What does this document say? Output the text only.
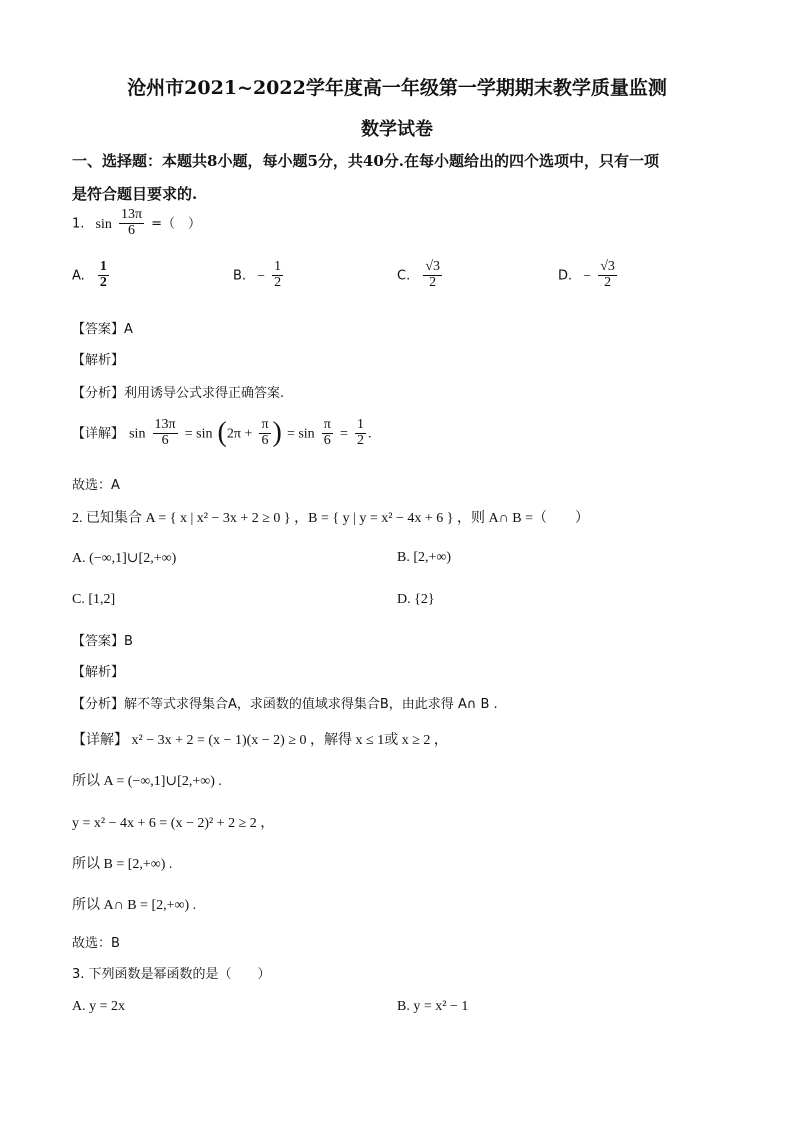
沧州市2021~2022学年度高一年级第一学期期末教学质量监测
数学试卷
一、选择题：本题共8小题，每小题5分，共40分.在每小题给出的四个选项中，只有一项
是符合题目要求的.
1. $\sin \frac{13\pi}{6}$ =（　）
A. $\frac{1}{2}$	B. − $\frac{1}{2}$	C. $\frac{√3}{2}$	D. − $\frac{√3}{2}$
【答案】A
【解析】
【分析】利用诱导公式求得正确答案.
【详解】 $\sin \frac{13\pi}{6} = \sin (2\pi + \frac{\pi}{6}$ ) = $\sin \frac{\pi}{6} = \frac{1}{2}$ .
故选：A
2. 已知集合 A = { x | x² − 3x + 2 ≥ 0 } ，B = { y | y = x² − 4x + 6 } ，则 A∩ B =（　　）
A. (−∞,1]∪[2,+∞)	B. [2,+∞)
C. [1,2]	D. {2}
【答案】B
【解析】
【分析】解不等式求得集合A，求函数的值域求得集合B，由此求得 A∩ B .
【详解】 x² − 3x + 2 = (x − 1)(x − 2) ≥ 0 ，解得 x ≤ 1或 x ≥ 2 ，
所以 A = (−∞,1]∪[2,+∞) .
y = x² − 4x + 6 = (x − 2)² + 2 ≥ 2 ，
所以 B = [2,+∞) .
所以 A∩ B = [2,+∞) .
故选：B
3. 下列函数是幂函数的是（　　）
A. y = 2x	B. y = x² − 1
